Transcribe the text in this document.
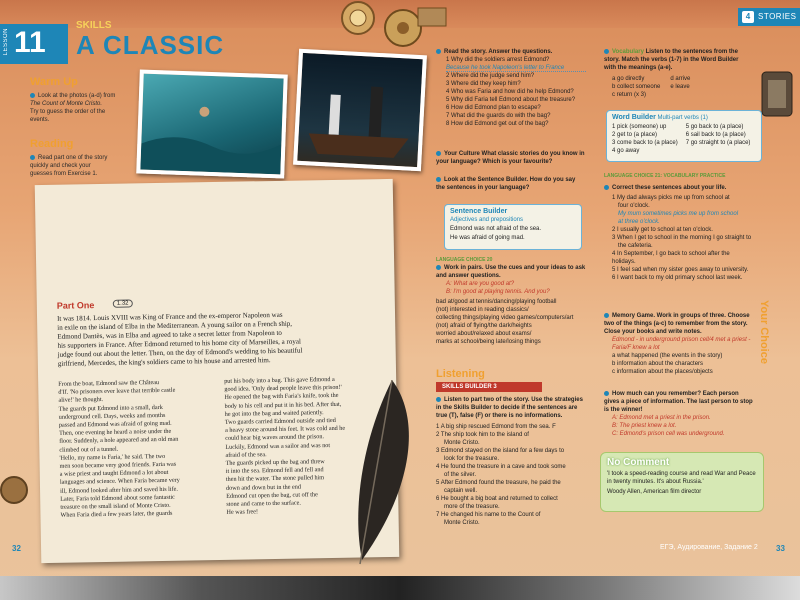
LESSON 11
SKILLS
A CLASSIC
4 STORIES
Warm Up
Look at the photos (a-d) from
The Count of Monte Cristo.
Try to guess the order of the
events.
Reading
Read part one of the story
quickly and check your
guesses from Exercise 1.
Part One	1.32
It was 1814. Louis XVIII was King of France and the ex-emperor Napoleon was
in exile on the island of Elba in the Mediterranean. A young sailor on a French ship,
Edmond Dantès, was in Elba and agreed to take a secret letter from Napoleon to
his supporters in France. After Edmond returned to his home city of Marseilles, a royal
judge found out about the letter. Then, on the day of Edmond's wedding to his beautiful
girlfriend, Mercedes, the king's soldiers came to his house and arrested him.
From the boat, Edmond saw the Château
d'If. 'No prisoners ever leave that terrible castle
alive!' he thought.
The guards put Edmond into a small, dark
underground cell. Days, weeks and months
passed and Edmond was afraid of going mad.
Then, one evening he heard a noise under the
floor. Suddenly, a hole appeared and an old man
climbed out of a tunnel.
'Hello, my name is Faria,' he said. The two
men soon became very good friends. Faria was
a wise priest and taught Edmond a lot about
languages and science. When Faria became very
ill, Edmond looked after him and saved his life.
Later, Faria told Edmond about some fantastic
treasure on the small island of Monte Cristo.
When Faria died a few years later, the guards
put his body into a bag. This gave Edmond a
good idea. 'Only dead people leave this prison!'
He opened the bag with Faria's knife, took the
body to his cell and put it in his bed. After that,
he got into the bag and waited patiently.
Two guards carried Edmond outside and tied
a heavy stone around his feet. It was cold and he
could hear big waves around the prison.
Luckily, Edmond was a sailor and was not
afraid of the sea.
The guards picked up the bag and threw
it into the sea. Edmond fell and fell and
then hit the water. The stone pulled him
down and down but in the end
Edmond cut open the bag, cut off the
stone and came to the surface.
He was free!
Read the story. Answer the questions.
1 Why did the soldiers arrest Edmond?
Because he took Napoleon's letter to France
2 Where did the judge send him?
3 Where did they keep him?
4 Who was Faria and how did he help Edmond?
5 Why did Faria tell Edmond about the treasure?
6 How did Edmond plan to escape?
7 What did the guards do with the bag?
8 How did Edmond get out of the bag?
Your Culture What classic stories do you know in your language? Which is your favourite?
Look at the Sentence Builder. How do you say the sentences in your language?
Sentence Builder
Adjectives and prepositions
Edmond was not afraid of the sea.
He was afraid of going mad.
LANGUAGE CHOICE 20
Work in pairs. Use the cues and your ideas to ask and answer questions.
A: What are you good at?
B: I'm good at playing tennis. And you?
bad at/good at tennis/dancing/playing football
(not) interested in reading classics/
collecting things/playing video games/computers/art
(not) afraid of flying/the dark/heights
worried about/relaxed about exams/
marks at school/being late/losing things
Listening
SKILLS BUILDER 3
Listen to part two of the story. Use the strategies in the Skills Builder to decide if the sentences are true (T), false (F) or there is no informations.
1 A big ship rescued Edmond from the sea. F
2 The ship took him to the island of
Monte Cristo.
3 Edmond stayed on the island for a few days to
look for the treasure.
4 He found the treasure in a cave and took some
of the silver.
5 After Edmond found the treasure, he paid the
captain well.
6 He bought a big boat and returned to collect
more of the treasure.
7 He changed his name to the Count of
Monte Cristo.
Vocabulary Listen to the sentences from the story. Match the verbs (1-7) in the Word Builder with the meanings (a-e).
a go directly
b collect someone
c return (x 3)
d arrive
e leave
Word Builder Multi-part verbs (1)
1 pick (someone) up
2 get to (a place)
3 come back to (a place)
4 go away
5 go back to (a place)
6 sail back to (a place)
7 go straight to (a place)
LANGUAGE CHOICE 21: VOCABULARY PRACTICE
Correct these sentences about your life.
1 My dad always picks me up from school at
four o'clock.
My mum sometimes picks me up from school
at three o'clock.
2 I usually get to school at ten o'clock.
3 When I get to school in the morning I go straight to
the cafeteria.
4 In September, I go back to school after the holidays.
5 I feel sad when my sister goes away to university.
6 I want back to my old primary school last week.
Your Choice
Memory Game. Work in groups of three. Choose two of the things (a-c) to remember from the story. Close your books and write notes.
Edmond - in underground prison cell/4 met a priest - Faria/F knew a lot
a what happened (the events in the story)
b information about the characters
c information about the places/objects
How much can you remember? Each person gives a piece of information. The last person to stop is the winner!
A: Edmond met a priest in the prison.
B: The priest knew a lot.
C: Edmond's prison cell was underground.
No Comment
'I took a speed-reading course and read War and Peace in twenty minutes. It's about Russia.'
Woody Allen, American film director
32	33
ЕГЭ, Аудирование, Задание 2
